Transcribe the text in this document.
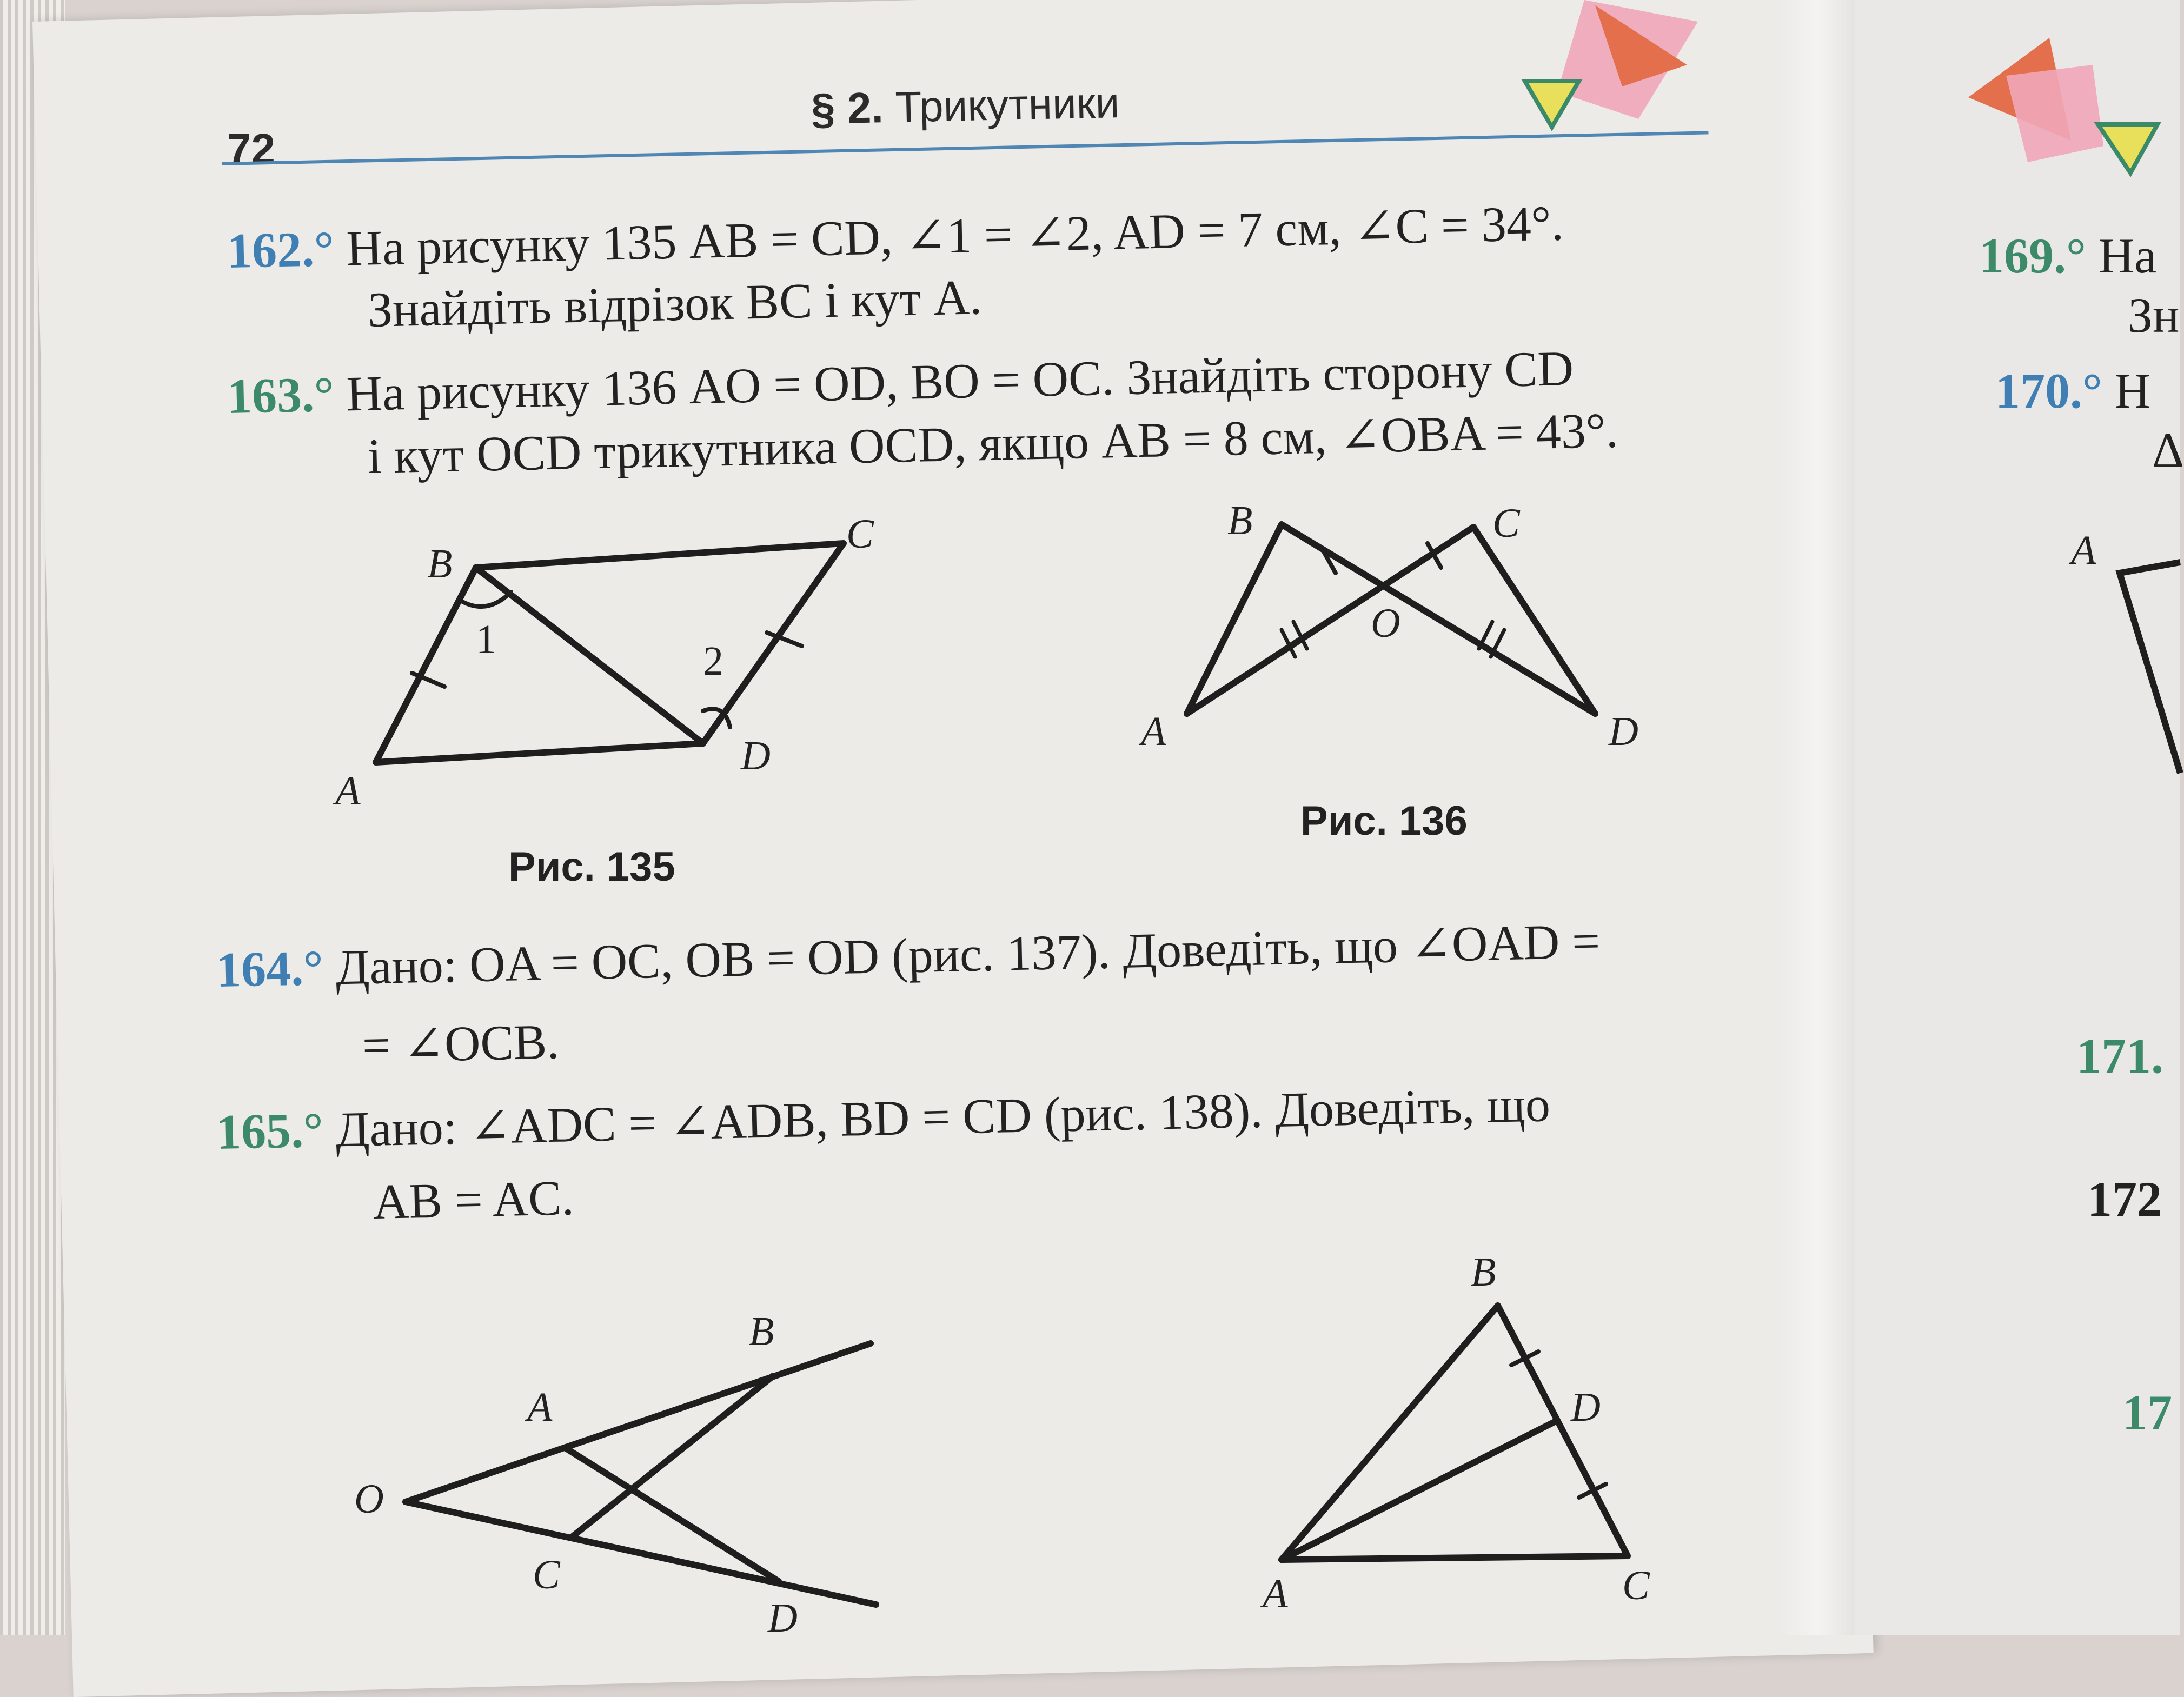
72
§ 2. Трикутники
162.° На рисунку 135 AB = CD, ∠1 = ∠2, AD = 7 см, ∠C = 34°.
Знайдіть відрізок BC і кут A.
163.° На рисунку 136 AO = OD, BO = OC. Знайдіть сторону CD
і кут OCD трикутника OCD, якщо AB = 8 см, ∠OBA = 43°.
A
B
C
D
1	2
Рис. 135
A
B	C
D
O
Рис. 136
164.° Дано: OA = OC, OB = OD (рис. 137). Доведіть, що ∠OAD =
= ∠OCB.
165.° Дано: ∠ADC = ∠ADB, BD = CD (рис. 138). Доведіть, що
AB = AC.
O
A
B
C
D
A
B
C
D
169.° На
Зн
170.° Н
Δ
A
171.
172
17
